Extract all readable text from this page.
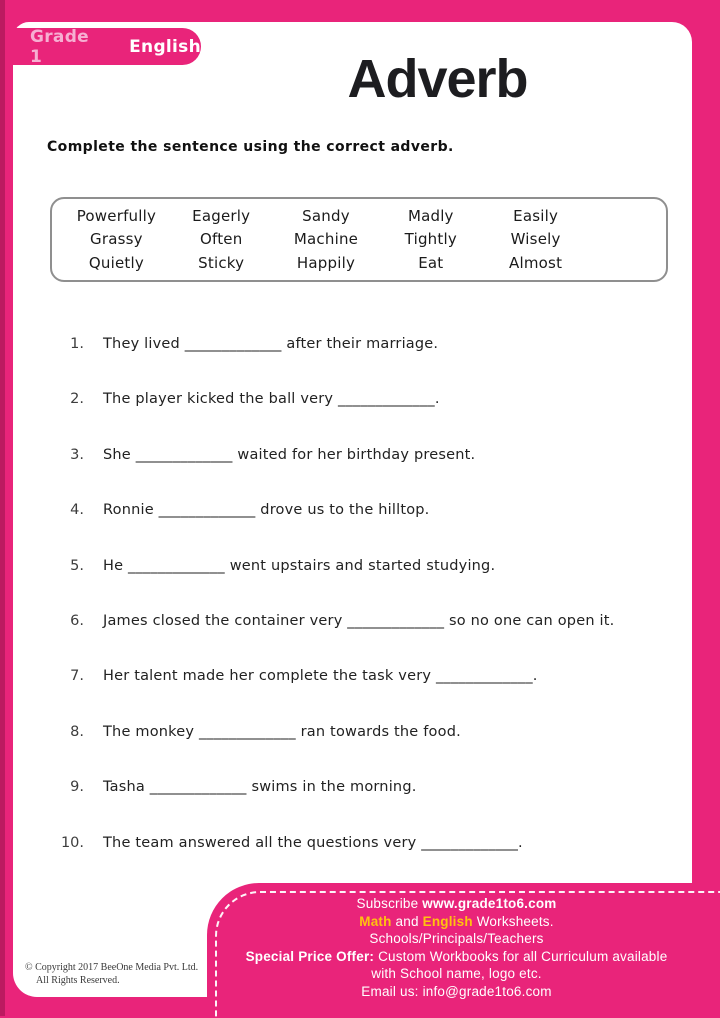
Grade 1	English
Adverb
Complete the sentence using the correct adverb.
Powerfully	Eagerly	Sandy	Madly	Easily
Grassy	Often	Machine	Tightly	Wisely
Quietly	Sticky	Happily	Eat	Almost
1. They lived _____________ after their marriage.
2. The player kicked the ball very _____________.
3. She _____________ waited for her birthday present.
4. Ronnie _____________ drove us to the hilltop.
5. He _____________ went upstairs and started studying.
6. James closed the container very _____________ so no one can open it.
7. Her talent made her complete the task very _____________.
8. The monkey _____________ ran towards the food.
9. Tasha _____________ swims in the morning.
10. The team answered all the questions very _____________.
Subscribe www.grade1to6.com
Math and English Worksheets.
Schools/Principals/Teachers
Special Price Offer: Custom Workbooks for all Curriculum available
with School name, logo etc.
Email us: info@grade1to6.com
© Copyright 2017 BeeOne Media Pvt. Ltd.
All Rights Reserved.
